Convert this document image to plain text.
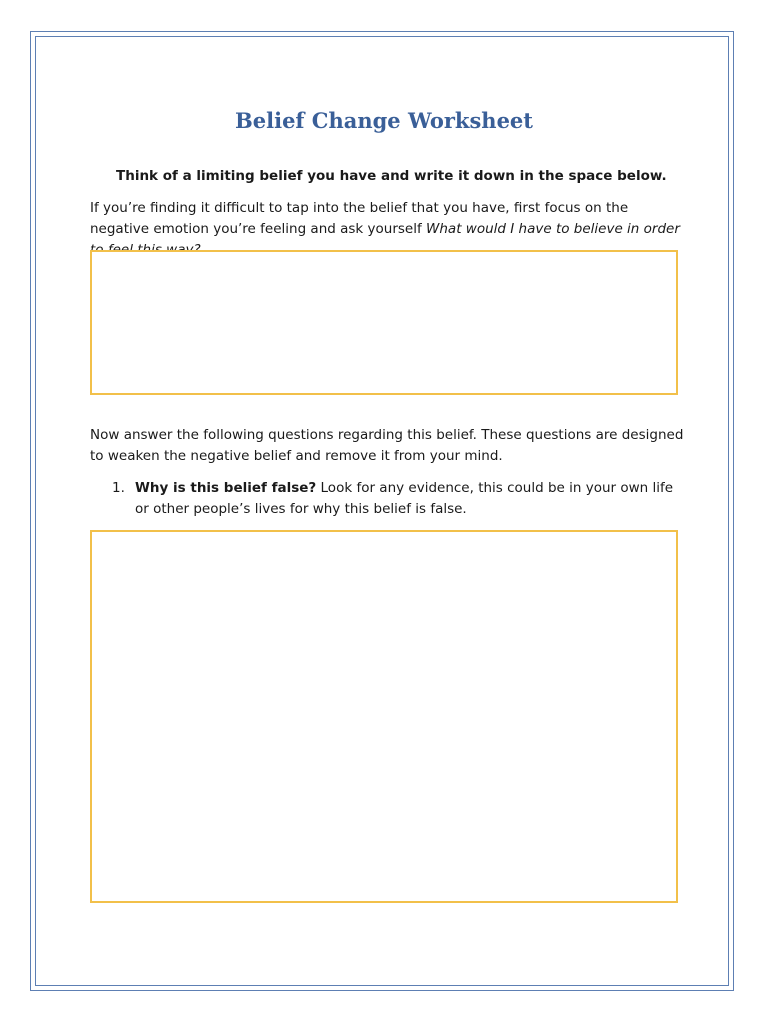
Belief Change Worksheet

Think of a limiting belief you have and write it down in the space below.

If you’re finding it difficult to tap into the belief that you have, first focus on the negative emotion you’re feeling and ask yourself What would I have to believe in order

Now answer the following questions regarding this belief. These questions are designed to weaken the negative belief and remove it from your mind.

1. Why is this belief false? Look for any evidence, this could be in your own life or other people’s lives for why this belief is false.
